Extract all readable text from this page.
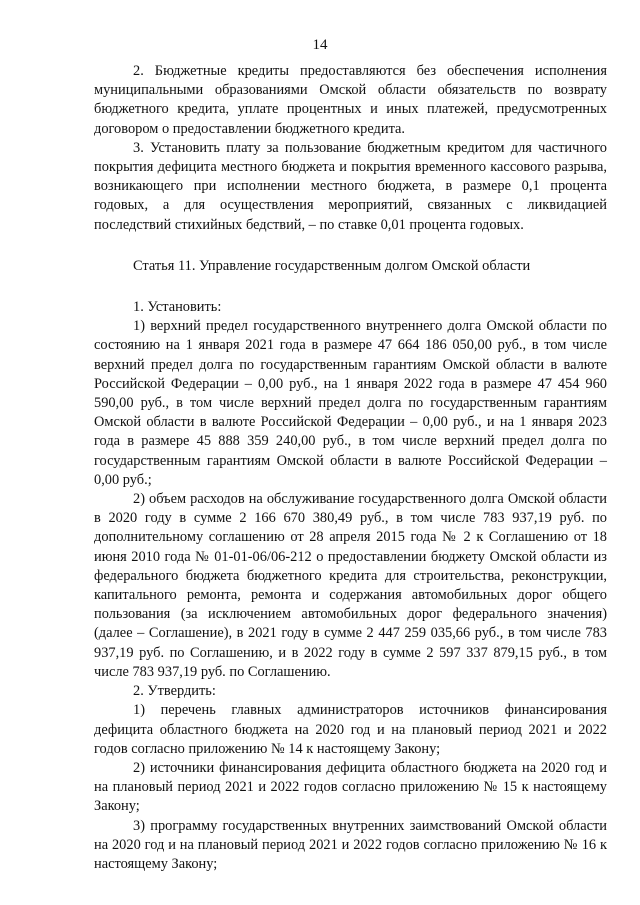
14

2. Бюджетные кредиты предоставляются без обеспечения исполнения муниципальными образованиями Омской области обязательств по возврату бюджетного кредита, уплате процентных и иных платежей, предусмотренных договором о предоставлении бюджетного кредита.

3. Установить плату за пользование бюджетным кредитом для частичного покрытия дефицита местного бюджета и покрытия временного кассового разрыва, возникающего при исполнении местного бюджета, в размере 0,1 процента годовых, а для осуществления мероприятий, связанных с ликвидацией последствий стихийных бедствий, – по ставке 0,01 процента годовых.

Статья 11. Управление государственным долгом Омской области

1. Установить:

1) верхний предел государственного внутреннего долга Омской области по состоянию на 1 января 2021 года в размере 47 664 186 050,00 руб., в том числе верхний предел долга по государственным гарантиям Омской области в валюте Российской Федерации – 0,00 руб., на 1 января 2022 года в размере 47 454 960 590,00 руб., в том числе верхний предел долга по государственным гарантиям Омской области в валюте Российской Федерации – 0,00 руб., и на 1 января 2023 года в размере 45 888 359 240,00 руб., в том числе верхний предел долга по государственным гарантиям Омской области в валюте Российской Федерации – 0,00 руб.;

2) объем расходов на обслуживание государственного долга Омской области в 2020 году в сумме 2 166 670 380,49 руб., в том числе 783 937,19 руб. по дополнительному соглашению от 28 апреля 2015 года № 2 к Соглашению от 18 июня 2010 года № 01-01-06/06-212 о предоставлении бюджету Омской области из федерального бюджета бюджетного кредита для строительства, реконструкции, капитального ремонта, ремонта и содержания автомобильных дорог общего пользования (за исключением автомобильных дорог федерального значения) (далее – Соглашение), в 2021 году в сумме 2 447 259 035,66 руб., в том числе 783 937,19 руб. по Соглашению, и в 2022 году в сумме 2 597 337 879,15 руб., в том числе 783 937,19 руб. по Соглашению.

2. Утвердить:

1) перечень главных администраторов источников финансирования дефицита областного бюджета на 2020 год и на плановый период 2021 и 2022 годов согласно приложению № 14 к настоящему Закону;

2) источники финансирования дефицита областного бюджета на 2020 год и на плановый период 2021 и 2022 годов согласно приложению № 15 к настоящему Закону;

3) программу государственных внутренних заимствований Омской области на 2020 год и на плановый период 2021 и 2022 годов согласно приложению № 16 к настоящему Закону;
